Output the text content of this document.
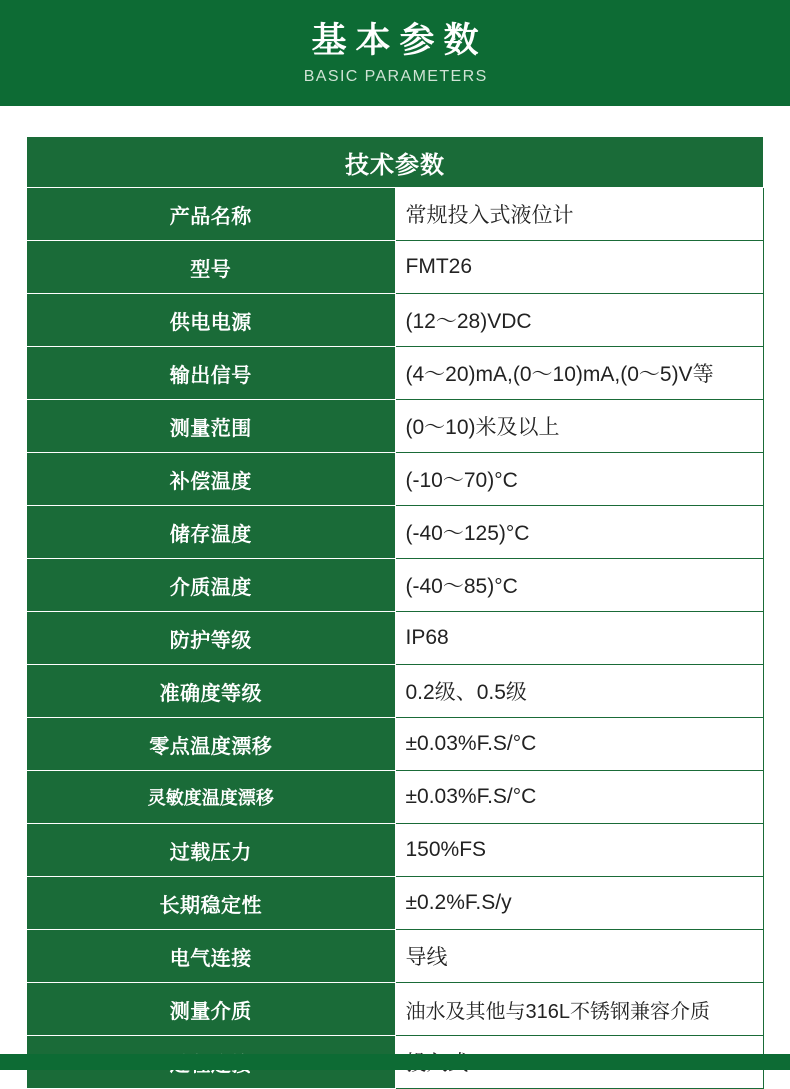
基本参数
BASIC PARAMETERS
技术参数	
产品名称	常规投入式液位计
型号	FMT26
供电电源	(12～28)VDC
输出信号	(4～20)mA,(0～10)mA,(0～5)V等
测量范围	(0～10)米及以上
补偿温度	(-10～70)°C
储存温度	(-40～125)°C
介质温度	(-40～85)°C
防护等级	IP68
准确度等级	0.2级、0.5级
零点温度漂移	±0.03%F.S/°C
灵敏度温度漂移	±0.03%F.S/°C
过载压力	150%FS
长期稳定性	±0.2%F.S/y
电气连接	导线
测量介质	油水及其他与316L不锈钢兼容介质
